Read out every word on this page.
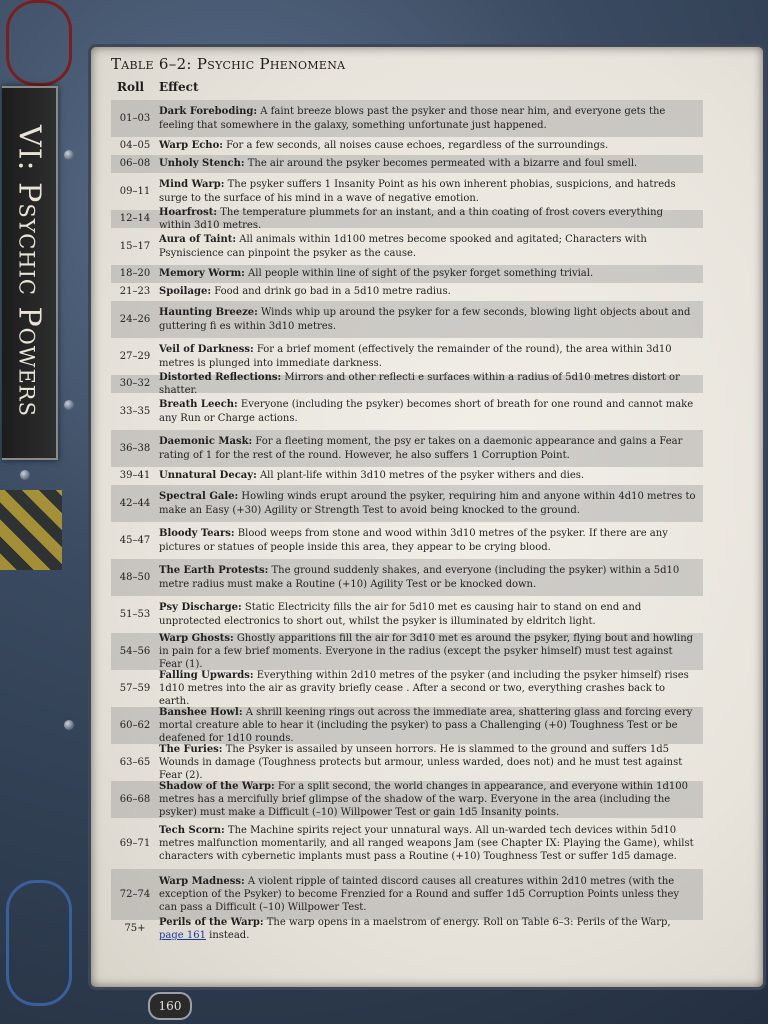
VI: Psychic Powers
Table 6–2: Psychic Phenomena
Roll Effect
01–03
Dark Foreboding: A faint breeze blows past the psyker and those near him, and everyone gets the feeling that somewhere in the galaxy, something unfortunate just happened.
04–05 Warp Echo: For a few seconds, all noises cause echoes, regardless of the surroundings.
06–08 Unholy Stench: The air around the psyker becomes permeated with a bizarre and foul smell.
09–11
Mind Warp: The psyker suffers 1 Insanity Point as his own inherent phobias, suspicions, and hatreds surge to the surface of his mind in a wave of negative emotion.
12–14
Hoarfrost: The temperature plummets for an instant, and a thin coating of frost covers everything within 3d10 metres.
15–17
Aura of Taint: All animals within 1d100 metres become spooked and agitated; Characters with Psyniscience can pinpoint the psyker as the cause.
18–20 Memory Worm: All people within line of sight of the psyker forget something trivial.
21–23 Spoilage: Food and drink go bad in a 5d10 metre radius.
24–26
Haunting Breeze: Winds whip up around the psyker for a few seconds, blowing light objects about and guttering fi es within 3d10 metres.
27–29
Veil of Darkness: For a brief moment (effectively the remainder of the round), the area within 3d10 metres is plunged into immediate darkness.
30–32
Distorted Reflections: Mirrors and other reflecti e surfaces within a radius of 5d10 metres distort or shatter.
33–35
Breath Leech: Everyone (including the psyker) becomes short of breath for one round and cannot make any Run or Charge actions.
36–38
Daemonic Mask: For a fleeting moment, the psy er takes on a daemonic appearance and gains a Fear rating of 1 for the rest of the round. However, he also suffers 1 Corruption Point.
39–41 Unnatural Decay: All plant-life within 3d10 metres of the psyker withers and dies.
42–44
Spectral Gale: Howling winds erupt around the psyker, requiring him and anyone within 4d10 metres to make an Easy (+30) Agility or Strength Test to avoid being knocked to the ground.
45–47
Bloody Tears: Blood weeps from stone and wood within 3d10 metres of the psyker. If there are any pictures or statues of people inside this area, they appear to be crying blood.
48–50
The Earth Protests: The ground suddenly shakes, and everyone (including the psyker) within a 5d10 metre radius must make a Routine (+10) Agility Test or be knocked down.
51–53
Psy Discharge: Static Electricity fills the air for 5d10 met es causing hair to stand on end and unprotected electronics to short out, whilst the psyker is illuminated by eldritch light.
54–56
Warp Ghosts: Ghostly apparitions fill the air for 3d10 met es around the psyker, flying bout and howling in pain for a few brief moments. Everyone in the radius (except the psyker himself) must test against Fear (1).
57–59
Falling Upwards: Everything within 2d10 metres of the psyker (and including the psyker himself) rises 1d10 metres into the air as gravity briefly cease . After a second or two, everything crashes back to earth.
60–62
Banshee Howl: A shrill keening rings out across the immediate area, shattering glass and forcing every mortal creature able to hear it (including the psyker) to pass a Challenging (+0) Toughness Test or be deafened for 1d10 rounds.
63–65
The Furies: The Psyker is assailed by unseen horrors. He is slammed to the ground and suffers 1d5 Wounds in damage (Toughness protects but armour, unless warded, does not) and he must test against Fear (2).
66–68
Shadow of the Warp: For a split second, the world changes in appearance, and everyone within 1d100 metres has a mercifully brief glimpse of the shadow of the warp. Everyone in the area (including the psyker) must make a Difficult (–10) Willpower Test or gain 1d5 Insanity points.
69–71
Tech Scorn: The Machine spirits reject your unnatural ways. All un-warded tech devices within 5d10 metres malfunction momentarily, and all ranged weapons Jam (see Chapter IX: Playing the Game), whilst characters with cybernetic implants must pass a Routine (+10) Toughness Test or suffer 1d5 damage.
72–74
Warp Madness: A violent ripple of tainted discord causes all creatures within 2d10 metres (with the exception of the Psyker) to become Frenzied for a Round and suffer 1d5 Corruption Points unless they can pass a Difficult (–10) Willpower Test.
75+
Perils of the Warp: The warp opens in a maelstrom of energy. Roll on Table 6–3: Perils of the Warp, page 161 instead.
160
